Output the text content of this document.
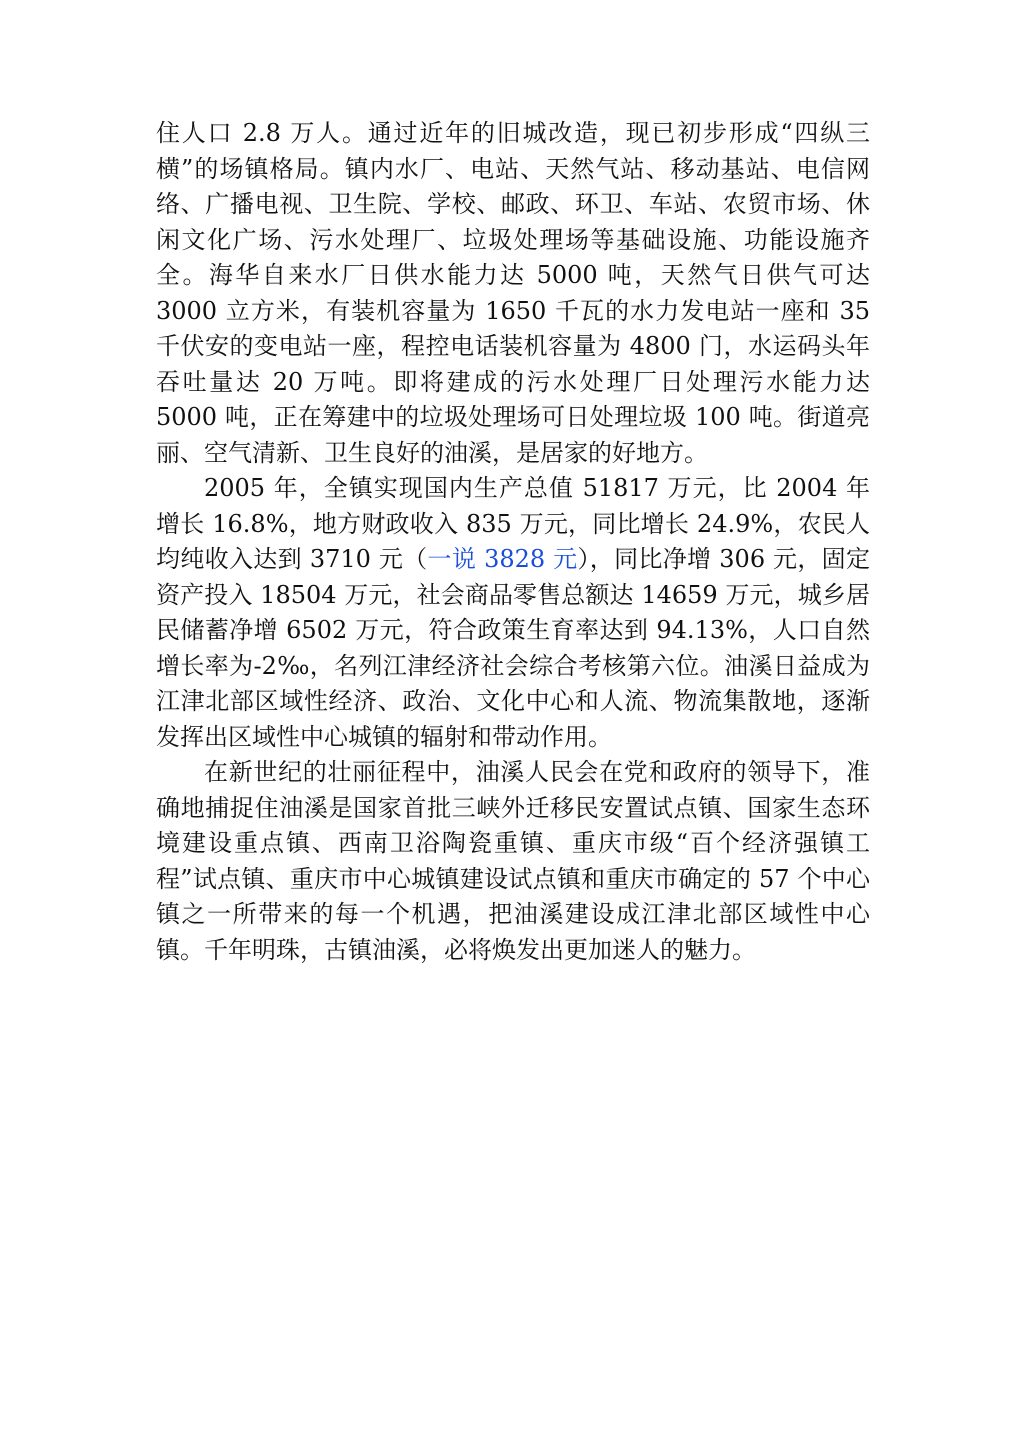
住人口 2.8 万人。通过近年的旧城改造，现已初步形成“四纵三横”的场镇格局。镇内水厂、电站、天然气站、移动基站、电信网络、广播电视、卫生院、学校、邮政、环卫、车站、农贸市场、休闲文化广场、污水处理厂、垃圾处理场等基础设施、功能设施齐全。海华自来水厂日供水能力达 5000 吨，天然气日供气可达 3000 立方米，有装机容量为 1650 千瓦的水力发电站一座和 35 千伏安的变电站一座，程控电话装机容量为 4800 门，水运码头年吞吐量达 20 万吨。即将建成的污水处理厂日处理污水能力达 5000 吨，正在筹建中的垃圾处理场可日处理垃圾 100 吨。街道亮丽、空气清新、卫生良好的油溪，是居家的好地方。

2005 年，全镇实现国内生产总值 51817 万元，比 2004 年增长 16.8%，地方财政收入 835 万元，同比增长 24.9%，农民人均纯收入达到 3710 元（一说 3828 元），同比净增 306 元，固定资产投入 18504 万元，社会商品零售总额达 14659 万元，城乡居民储蓄净增 6502 万元，符合政策生育率达到 94.13%，人口自然增长率为-2‰，名列江津经济社会综合考核第六位。油溪日益成为江津北部区域性经济、政治、文化中心和人流、物流集散地，逐渐发挥出区域性中心城镇的辐射和带动作用。

在新世纪的壮丽征程中，油溪人民会在党和政府的领导下，准确地捕捉住油溪是国家首批三峡外迁移民安置试点镇、国家生态环境建设重点镇、西南卫浴陶瓷重镇、重庆市级“百个经济强镇工程”试点镇、重庆市中心城镇建设试点镇和重庆市确定的 57 个中心镇之一所带来的每一个机遇，把油溪建设成江津北部区域性中心镇。千年明珠，古镇油溪，必将焕发出更加迷人的魅力。
